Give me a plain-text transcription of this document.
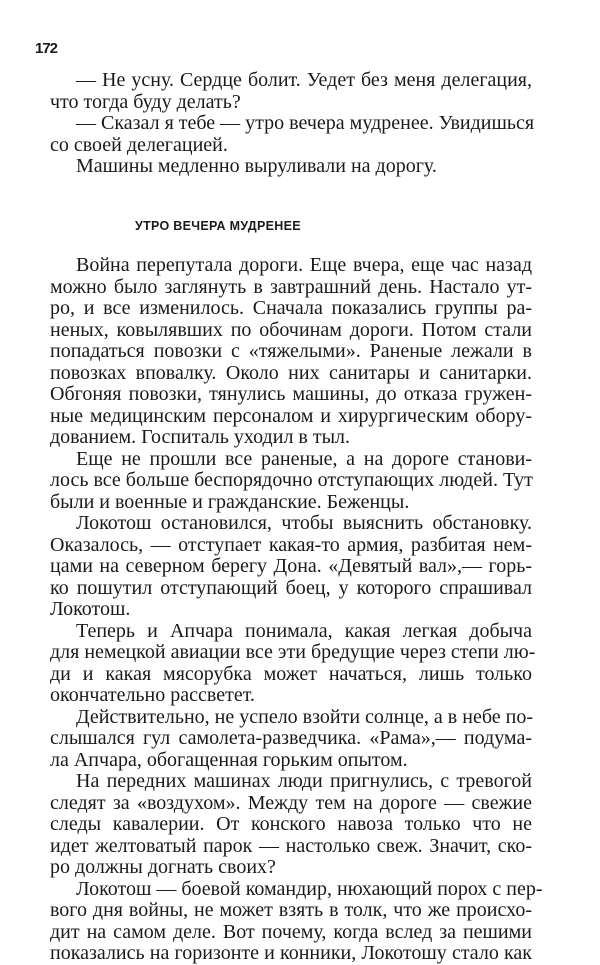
172
— Не усну. Сердце болит. Уедет без меня делегация,
что тогда буду делать?
— Сказал я тебе — утро вечера мудренее. Увидишься
со своей делегацией.
Машины медленно выруливали на дорогу.
УТРО ВЕЧЕРА МУДРЕНЕЕ
Война перепутала дороги. Еще вчера, еще час назад
можно было заглянуть в завтрашний день. Настало ут-
ро, и все изменилось. Сначала показались группы ра-
неных, ковылявших по обочинам дороги. Потом стали
попадаться повозки с «тяжелыми». Раненые лежали в
повозках вповалку. Около них санитары и санитарки.
Обгоняя повозки, тянулись машины, до отказа гружен-
ные медицинским персоналом и хирургическим обору-
дованием. Госпиталь уходил в тыл.
Еще не прошли все раненые, а на дороге станови-
лось все больше беспорядочно отступающих людей. Тут
были и военные и гражданские. Беженцы.
Локотош остановился, чтобы выяснить обстановку.
Оказалось, — отступает какая-то армия, разбитая нем-
цами на северном берегу Дона. «Девятый вал»,— горь-
ко пошутил отступающий боец, у которого спрашивал
Локотош.
Теперь и Апчара понимала, какая легкая добыча
для немецкой авиации все эти бредущие через степи лю-
ди и какая мясорубка может начаться, лишь только
окончательно рассветет.
Действительно, не успело взойти солнце, а в небе по-
слышался гул самолета-разведчика. «Рама»,— подума-
ла Апчара, обогащенная горьким опытом.
На передних машинах люди пригнулись, с тревогой
следят за «воздухом». Между тем на дороге — свежие
следы кавалерии. От конского навоза только что не
идет желтоватый парок — настолько свеж. Значит, ско-
ро должны догнать своих?
Локотош — боевой командир, нюхающий порох с пер-
вого дня войны, не может взять в толк, что же происхо-
дит на самом деле. Вот почему, когда вслед за пешими
показались на горизонте и конники, Локотошу стало как
